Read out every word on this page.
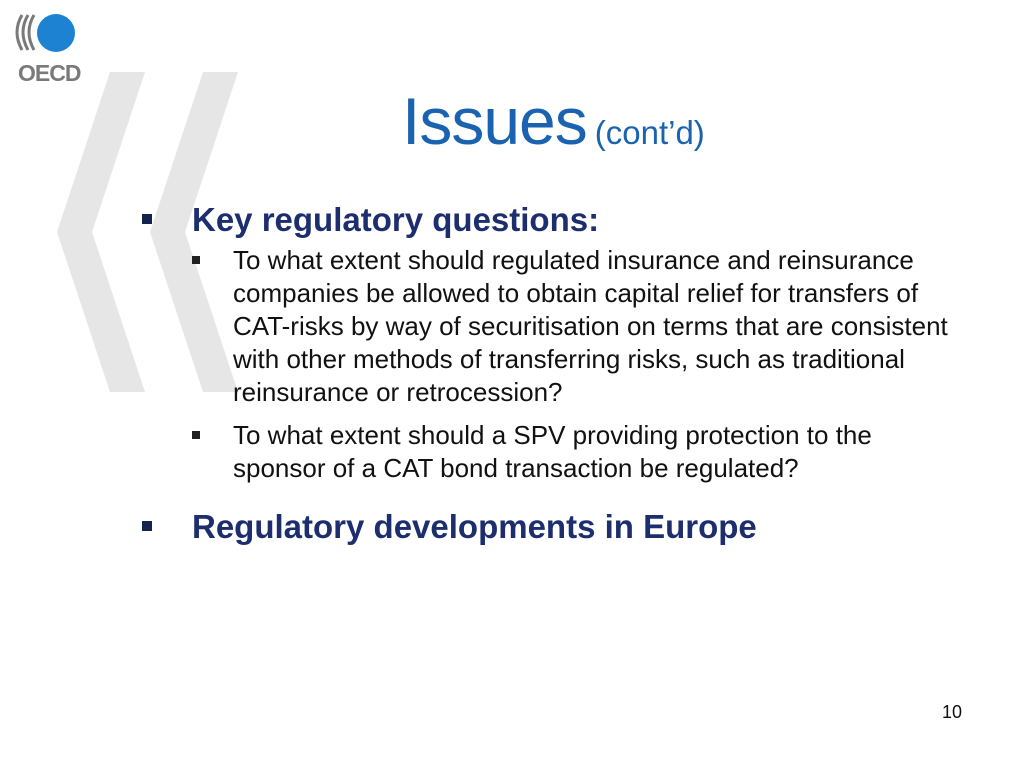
OECD
Issues (cont’d)
Key regulatory questions:
To what extent should regulated insurance and reinsurance companies be allowed to obtain capital relief for transfers of CAT-risks by way of securitisation on terms that are consistent with other methods of transferring risks, such as traditional reinsurance or retrocession?
To what extent should a SPV providing protection to the sponsor of a CAT bond transaction be regulated?
Regulatory developments in Europe
10
